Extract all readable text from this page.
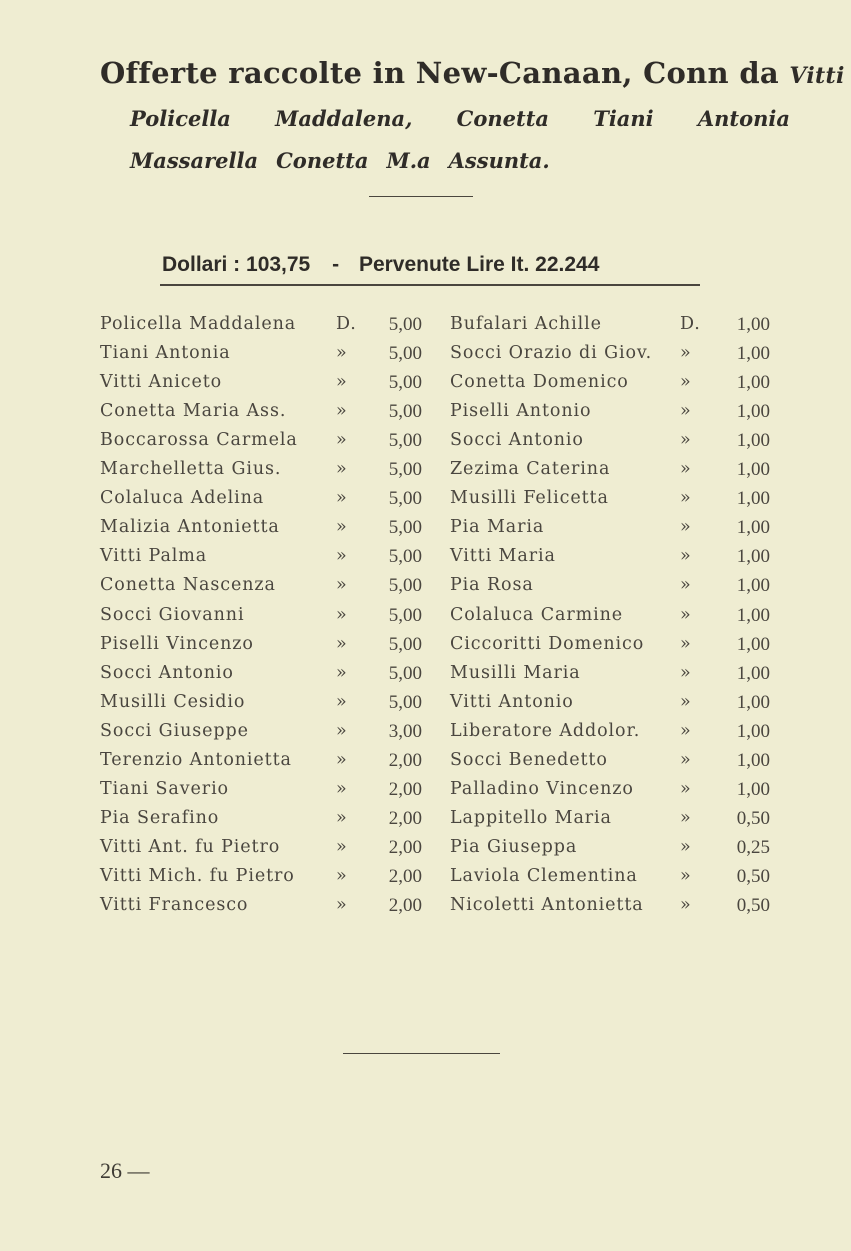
Offerte raccolte in New-Canaan, Conn da Vitti
Policella Maddalena, Conetta Tiani Antonia
Massarella Conetta M.a Assunta.
Dollari : 103,75 - Pervenute Lire It. 22.244
Policella Maddalena	D.	5,00 Bufalari Achille	D.	1,00
Tiani Antonia	»	5,00 Socci Orazio di Giov.	»	1,00
Vitti Aniceto	»	5,00 Conetta Domenico	»	1,00
Conetta Maria Ass.	»	5,00 Piselli Antonio	»	1,00
Boccarossa Carmela	»	5,00 Socci Antonio	»	1,00
Marchelletta Gius.	»	5,00 Zezima Caterina	»	1,00
Colaluca Adelina	»	5,00 Musilli Felicetta	»	1,00
Malizia Antonietta	»	5,00 Pia Maria	»	1,00
Vitti Palma	»	5,00 Vitti Maria	»	1,00
Conetta Nascenza	»	5,00 Pia Rosa	»	1,00
Socci Giovanni	»	5,00 Colaluca Carmine	»	1,00
Piselli Vincenzo	»	5,00 Ciccoritti Domenico	»	1,00
Socci Antonio	»	5,00 Musilli Maria	»	1,00
Musilli Cesidio	»	5,00 Vitti Antonio	»	1,00
Socci Giuseppe	»	3,00 Liberatore Addolor.	»	1,00
Terenzio Antonietta	»	2,00 Socci Benedetto	»	1,00
Tiani Saverio	»	2,00 Palladino Vincenzo	»	1,00
Pia Serafino	»	2,00 Lappitello Maria	»	0,50
Vitti Ant. fu Pietro	»	2,00 Pia Giuseppa	»	0,25
Vitti Mich. fu Pietro	»	2,00 Laviola Clementina	»	0,50
Vitti Francesco	»	2,00 Nicoletti Antonietta	»	0,50
26 —
